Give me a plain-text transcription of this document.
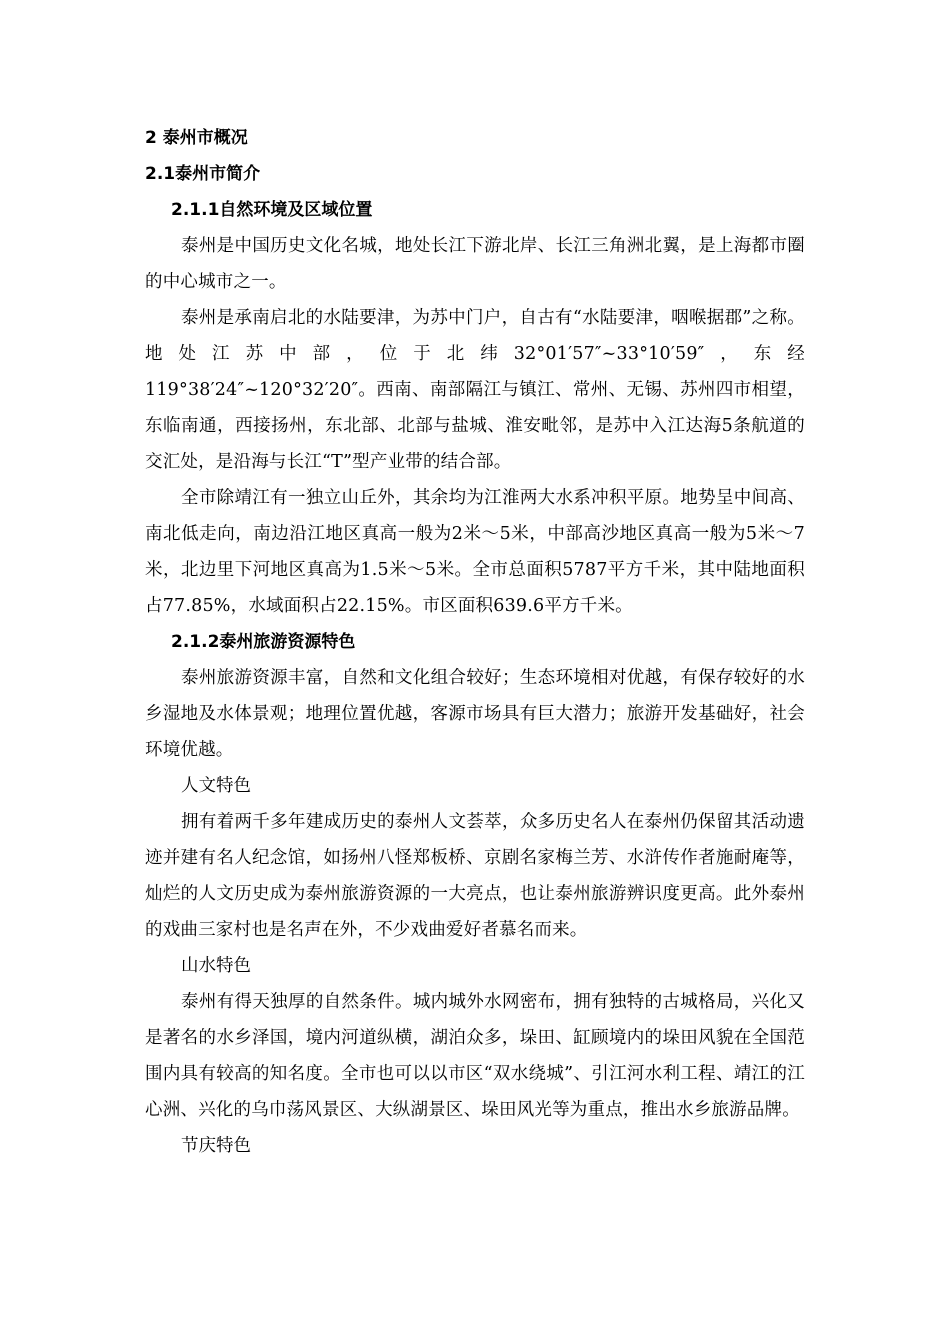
2 泰州市概况
2.1泰州市简介
2.1.1自然环境及区域位置

泰州是中国历史文化名城，地处长江下游北岸、长江三角洲北翼，是上海都市圈的中心城市之一。

泰州是承南启北的水陆要津，为苏中门户，自古有“水陆要津，咽喉据郡”之称。地处江苏中部，位于北纬32°01′57″~33°10′59″，东经119°38′24″~120°32′20″。西南、南部隔江与镇江、常州、无锡、苏州四市相望，东临南通，西接扬州，东北部、北部与盐城、淮安毗邻，是苏中入江达海5条航道的交汇处，是沿海与长江“T”型产业带的结合部。

全市除靖江有一独立山丘外，其余均为江淮两大水系冲积平原。地势呈中间高、南北低走向，南边沿江地区真高一般为2米～5米，中部高沙地区真高一般为5米～7米，北边里下河地区真高为1.5米～5米。全市总面积5787平方千米，其中陆地面积占77.85%，水域面积占22.15%。市区面积639.6平方千米。

2.1.2泰州旅游资源特色

泰州旅游资源丰富，自然和文化组合较好；生态环境相对优越，有保存较好的水乡湿地及水体景观；地理位置优越，客源市场具有巨大潜力；旅游开发基础好，社会环境优越。

人文特色

拥有着两千多年建成历史的泰州人文荟萃，众多历史名人在泰州仍保留其活动遗迹并建有名人纪念馆，如扬州八怪郑板桥、京剧名家梅兰芳、水浒传作者施耐庵等，灿烂的人文历史成为泰州旅游资源的一大亮点，也让泰州旅游辨识度更高。此外泰州的戏曲三家村也是名声在外，不少戏曲爱好者慕名而来。

山水特色

泰州有得天独厚的自然条件。城内城外水网密布，拥有独特的古城格局，兴化又是著名的水乡泽国，境内河道纵横，湖泊众多，垛田、缸顾境内的垛田风貌在全国范围内具有较高的知名度。全市也可以以市区“双水绕城”、引江河水利工程、靖江的江心洲、兴化的乌巾荡风景区、大纵湖景区、垛田风光等为重点，推出水乡旅游品牌。

节庆特色
